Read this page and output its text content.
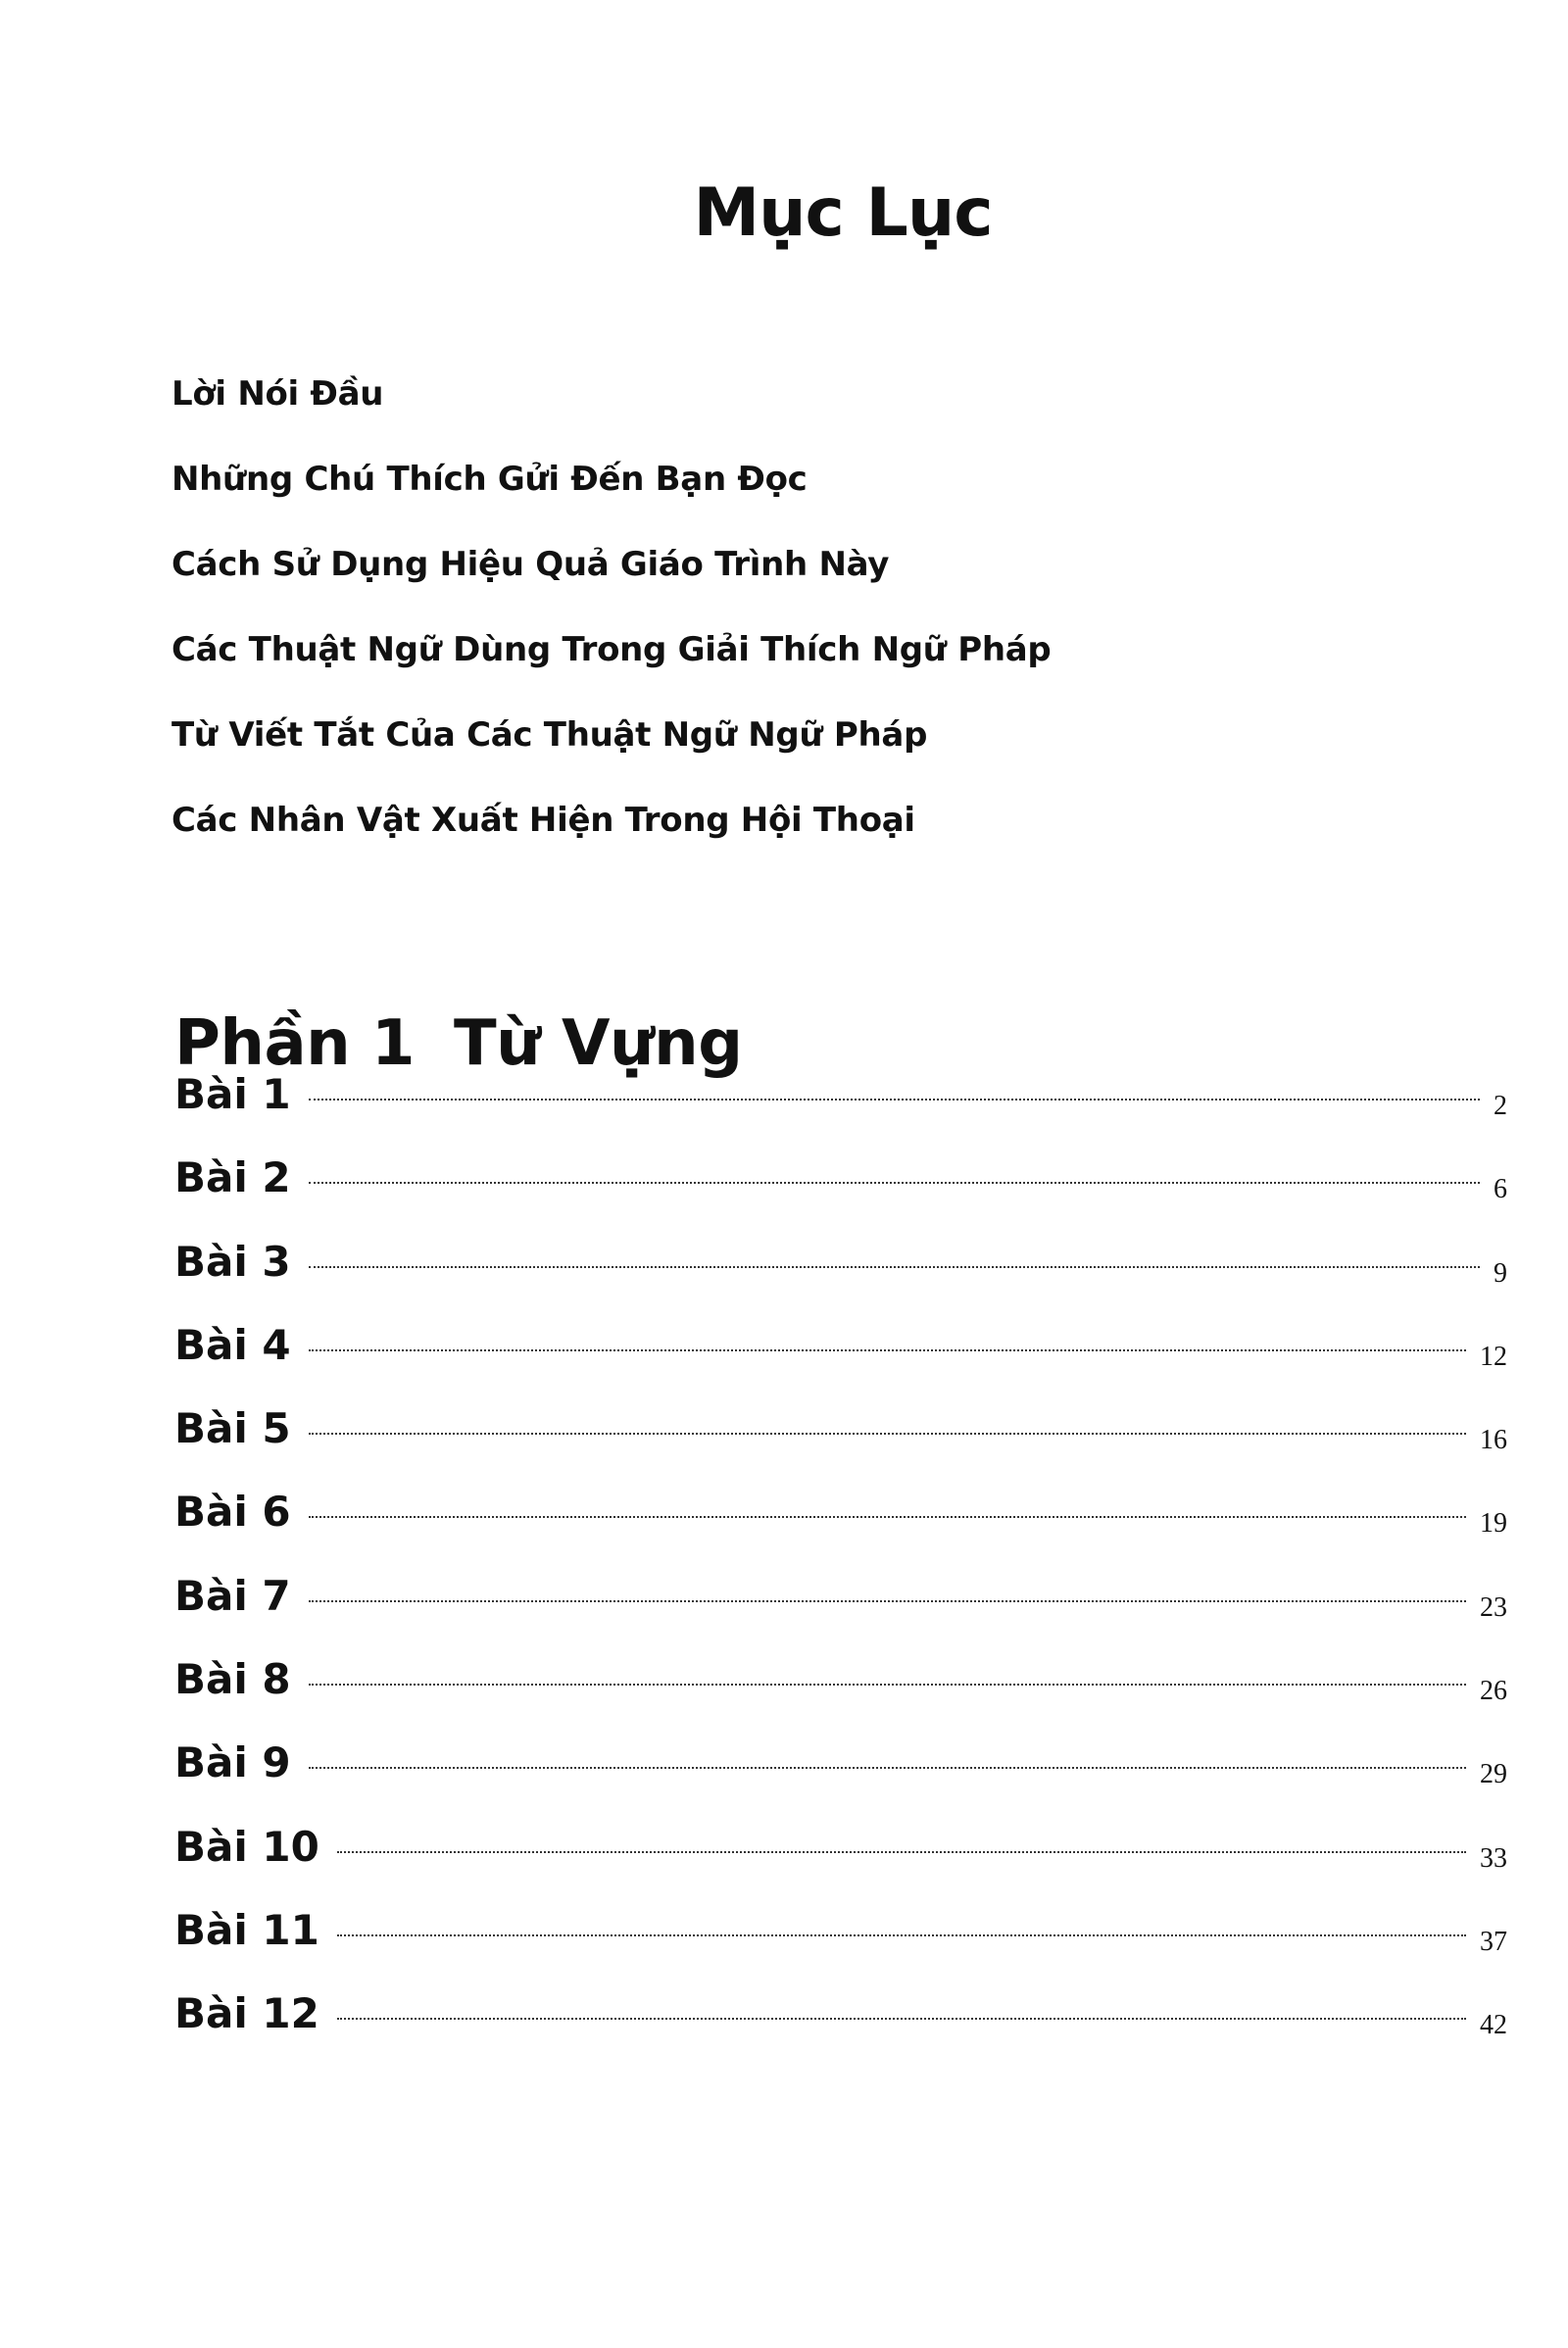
Mục Lục
Lời Nói Đầu
Những Chú Thích Gửi Đến Bạn Đọc
Cách Sử Dụng Hiệu Quả Giáo Trình Này
Các Thuật Ngữ Dùng Trong Giải Thích Ngữ Pháp
Từ Viết Tắt Của Các Thuật Ngữ Ngữ Pháp
Các Nhân Vật Xuất Hiện Trong Hội Thoại
Phần 1 Từ Vựng
Bài 1	2
Bài 2	6
Bài 3	9
Bài 4	12
Bài 5	16
Bài 6	19
Bài 7	23
Bài 8	26
Bài 9	29
Bài 10	33
Bài 11	37
Bài 12	42
